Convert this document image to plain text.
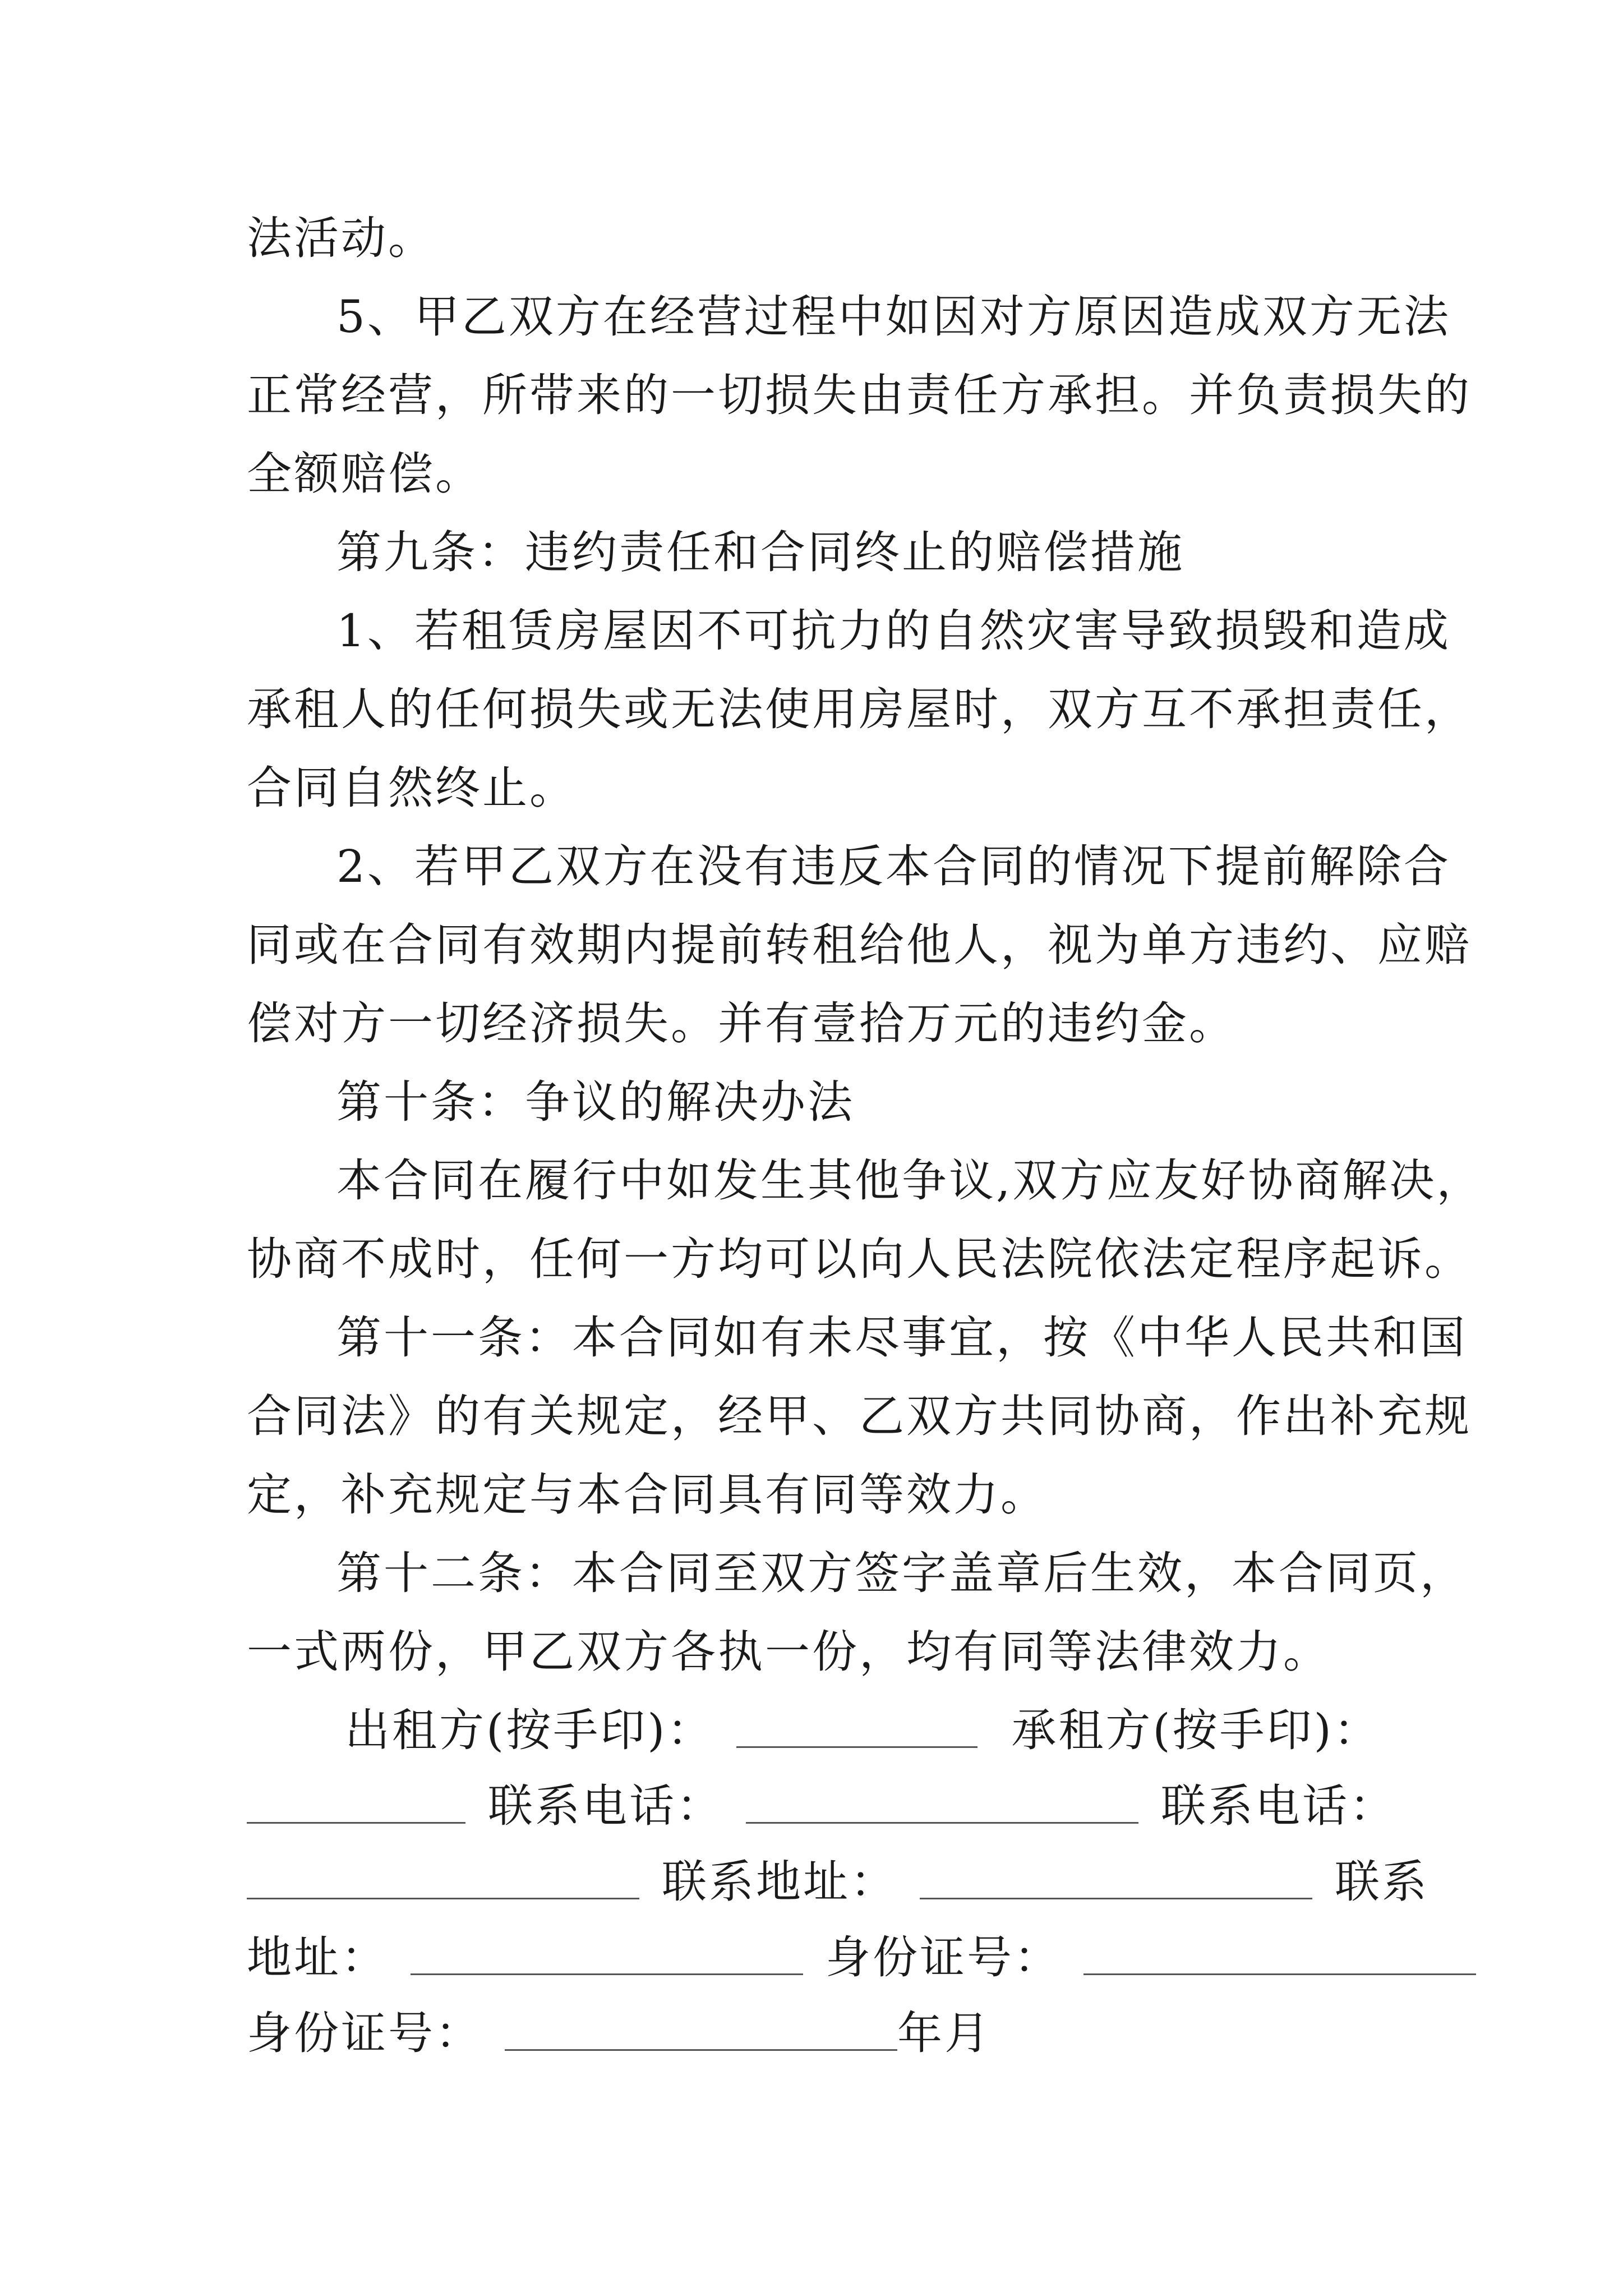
法活动。
5、甲乙双方在经营过程中如因对方原因造成双方无法
正常经营，所带来的一切损失由责任方承担。并负责损失的
全额赔偿。
第九条：违约责任和合同终止的赔偿措施
1、若租赁房屋因不可抗力的自然灾害导致损毁和造成
承租人的任何损失或无法使用房屋时，双方互不承担责任，
合同自然终止。
2、若甲乙双方在没有违反本合同的情况下提前解除合
同或在合同有效期内提前转租给他人，视为单方违约、应赔
偿对方一切经济损失。并有壹拾万元的违约金。
第十条：争议的解决办法
本合同在履行中如发生其他争议,双方应友好协商解决，
协商不成时，任何一方均可以向人民法院依法定程序起诉。
第十一条：本合同如有未尽事宜，按《中华人民共和国
合同法》的有关规定，经甲、乙双方共同协商，作出补充规
定，补充规定与本合同具有同等效力。
第十二条：本合同至双方签字盖章后生效，本合同页，
一式两份，甲乙双方各执一份，均有同等法律效力。
出租方(按手印)：	承租方(按手印)：
联系电话：	联系电话：
联系地址：	联系
地址：	身份证号：
身份证号：	年月
